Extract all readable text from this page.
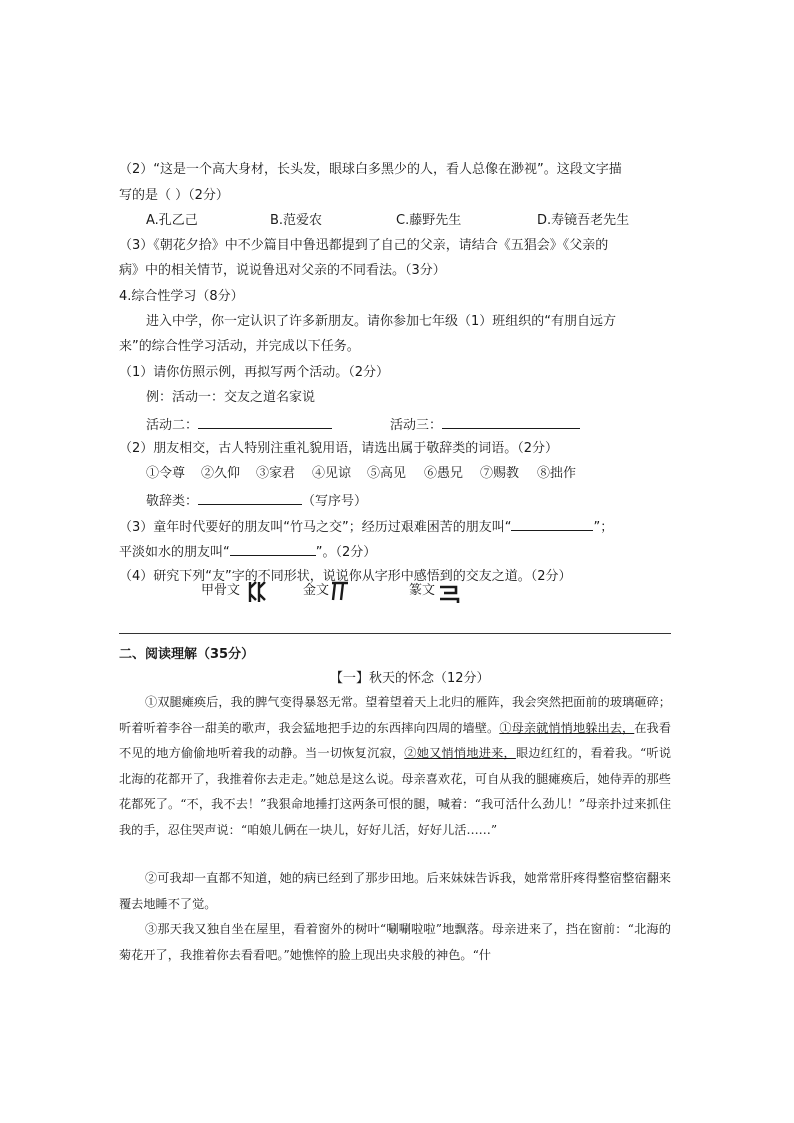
（2）“这是一个高大身材，长头发，眼球白多黑少的人，看人总像在渺视”。这段文字描
写的是（ ）（2分）
A.孔乙己	B.范爱农	C.藤野先生	D.寿镜吾老先生
（3）《朝花夕拾》中不少篇目中鲁迅都提到了自己的父亲，请结合《五猖会》《父亲的
病》中的相关情节，说说鲁迅对父亲的不同看法。（3分）
4.综合性学习（8分）
进入中学，你一定认识了许多新朋友。请你参加七年级（1）班组织的“有朋自远方
来”的综合性学习活动，并完成以下任务。
（1）请你仿照示例，再拟写两个活动。（2分）
例：活动一：交友之道名家说
活动二：	活动三：
（2）朋友相交，古人特别注重礼貌用语，请选出属于敬辞类的词语。（2分）
①令尊 ②久仰 ③家君 ④见谅 ⑤高见 ⑥愚兄 ⑦赐教 ⑧拙作
敬辞类：	（写序号）
（3）童年时代要好的朋友叫“竹马之交”；经历过艰难困苦的朋友叫“	”；
平淡如水的朋友叫“	”。（2分）
（4）研究下列“友”字的不同形状，说说你从字形中感悟到的交友之道。（2分）
甲骨文	金文	篆文
二、阅读理解（35分）
【一】秋天的怀念（12分）
①双腿瘫痪后，我的脾气变得暴怒无常。望着望着天上北归的雁阵，我会突然把面前的玻璃砸碎；听着听着李谷一甜美的歌声，我会猛地把手边的东西摔向四周的墙壁。①母亲就悄悄地躲出去，在我看不见的地方偷偷地听着我的动静。当一切恢复沉寂，②她又悄悄地进来，眼边红红的，看着我。“听说北海的花都开了，我推着你去走走。”她总是这么说。母亲喜欢花，可自从我的腿瘫痪后，她侍弄的那些花都死了。“不，我不去！”我狠命地捶打这两条可恨的腿，喊着：“我可活什么劲儿！”母亲扑过来抓住我的手，忍住哭声说：“咱娘儿俩在一块儿，好好儿活，好好儿活……”
②可我却一直都不知道，她的病已经到了那步田地。后来妹妹告诉我，她常常肝疼得整宿整宿翻来覆去地睡不了觉。
③那天我又独自坐在屋里，看着窗外的树叶“唰唰啦啦”地飘落。母亲进来了，挡在窗前：“北海的菊花开了，我推着你去看看吧。”她憔悴的脸上现出央求般的神色。“什
